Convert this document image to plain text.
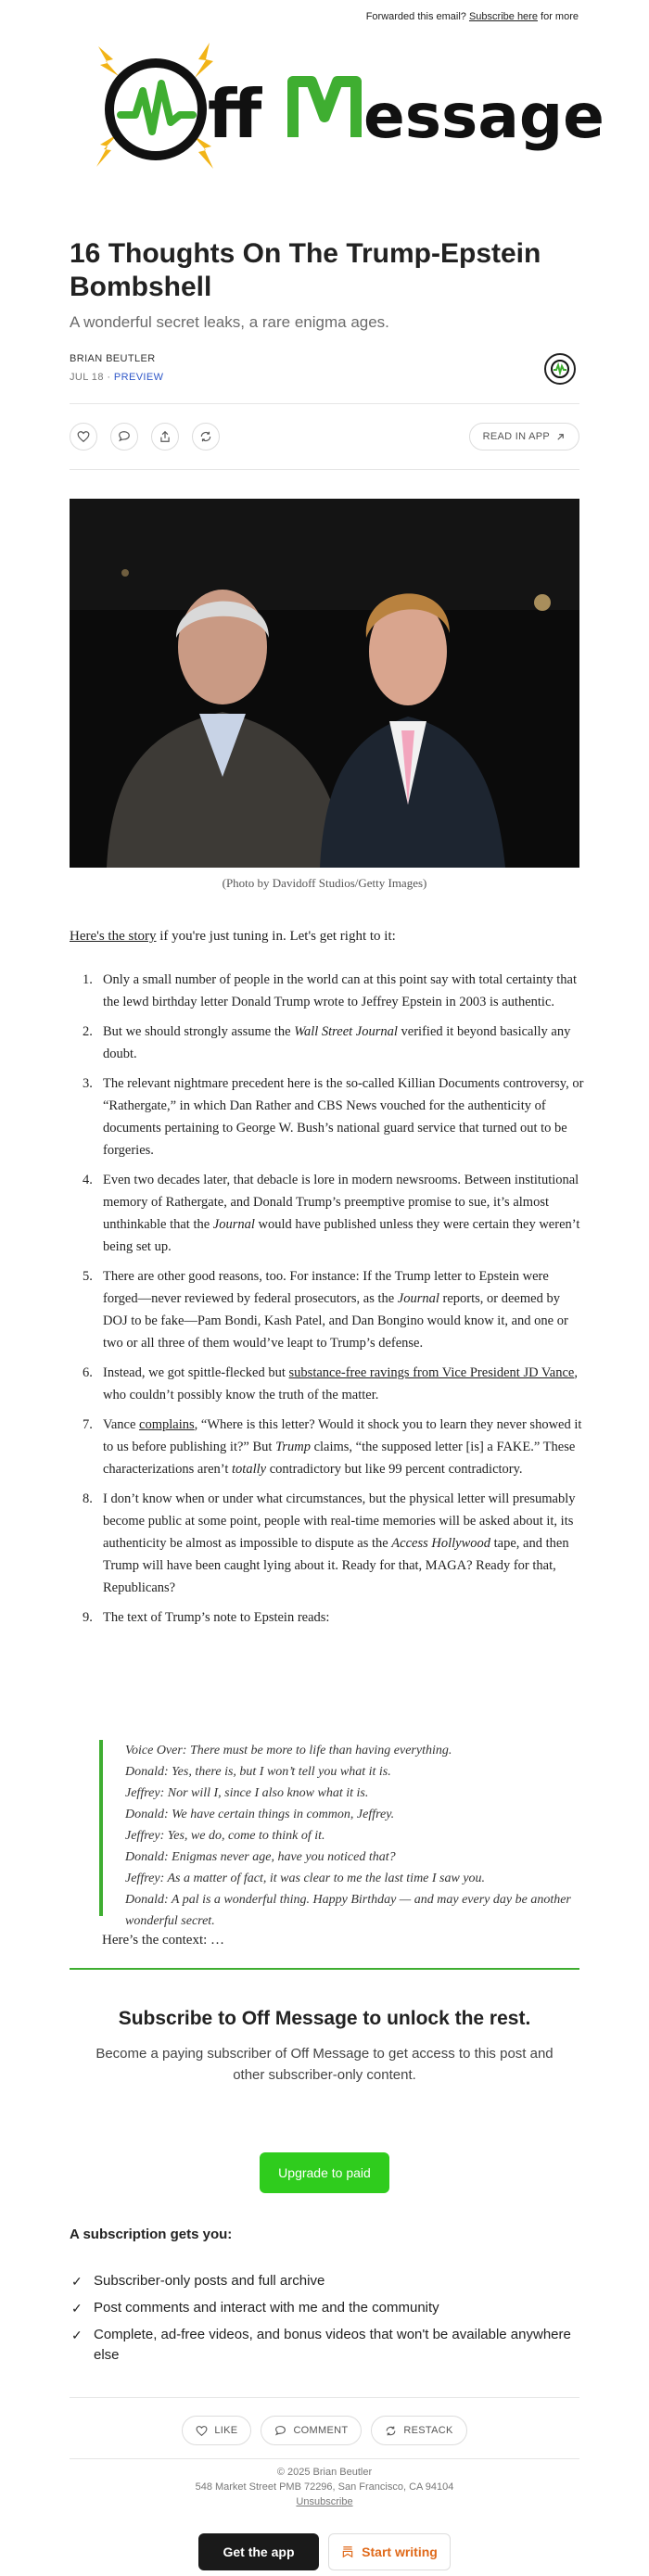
Forwarded this email? Subscribe here for more
ff essage
16 Thoughts On The Trump-Epstein Bombshell
A wonderful secret leaks, a rare enigma ages.
BRIAN BEUTLER
JUL 18 · PREVIEW
READ IN APP
(Photo by Davidoff Studios/Getty Images)

Here's the story if you're just tuning in. Let's get right to it:

1. Only a small number of people in the world can at this point say with total certainty that the lewd birthday letter Donald Trump wrote to Jeffrey Epstein in 2003 is authentic.
2. But we should strongly assume the Wall Street Journal verified it beyond basically any doubt.
3. The relevant nightmare precedent here is the so-called Killian Documents controversy, or “Rathergate,” in which Dan Rather and CBS News vouched for the authenticity of documents pertaining to George W. Bush’s national guard service that turned out to be forgeries.
4. Even two decades later, that debacle is lore in modern newsrooms. Between institutional memory of Rathergate, and Donald Trump’s preemptive promise to sue, it’s almost unthinkable that the Journal would have published unless they were certain they weren’t being set up.
5. There are other good reasons, too. For instance: If the Trump letter to Epstein were forged—never reviewed by federal prosecutors, as the Journal reports, or deemed by DOJ to be fake—Pam Bondi, Kash Patel, and Dan Bongino would know it, and one or two or all three of them would’ve leapt to Trump’s defense.
6. Instead, we got spittle-flecked but substance-free ravings from Vice President JD Vance, who couldn’t possibly know the truth of the matter.
7. Vance complains, “Where is this letter? Would it shock you to learn they never showed it to us before publishing it?” But Trump claims, “the supposed letter [is] a FAKE.” These characterizations aren’t totally contradictory but like 99 percent contradictory.
8. I don’t know when or under what circumstances, but the physical letter will presumably become public at some point, people with real-time memories will be asked about it, its authenticity be almost as impossible to dispute as the Access Hollywood tape, and then Trump will have been caught lying about it. Ready for that, MAGA? Ready for that, Republicans?
9. The text of Trump’s note to Epstein reads:
Voice Over: There must be more to life than having everything.
Donald: Yes, there is, but I won’t tell you what it is.
Jeffrey: Nor will I, since I also know what it is.
Donald: We have certain things in common, Jeffrey.
Jeffrey: Yes, we do, come to think of it.
Donald: Enigmas never age, have you noticed that?
Jeffrey: As a matter of fact, it was clear to me the last time I saw you.
Donald: A pal is a wonderful thing. Happy Birthday — and may every day be another wonderful secret.

Here’s the context: …

Subscribe to Off Message to unlock the rest.

Become a paying subscriber of Off Message to get access to this post and other subscriber-only content.

Upgrade to paid
A subscription gets you:
✓ Subscriber-only posts and full archive
✓ Post comments and interact with me and the community
✓ Complete, ad-free videos, and bonus videos that won't be available anywhere else
LIKE	COMMENT	RESTACK
© 2025 Brian Beutler
548 Market Street PMB 72296, San Francisco, CA 94104
Unsubscribe
Get the app	Start writing
